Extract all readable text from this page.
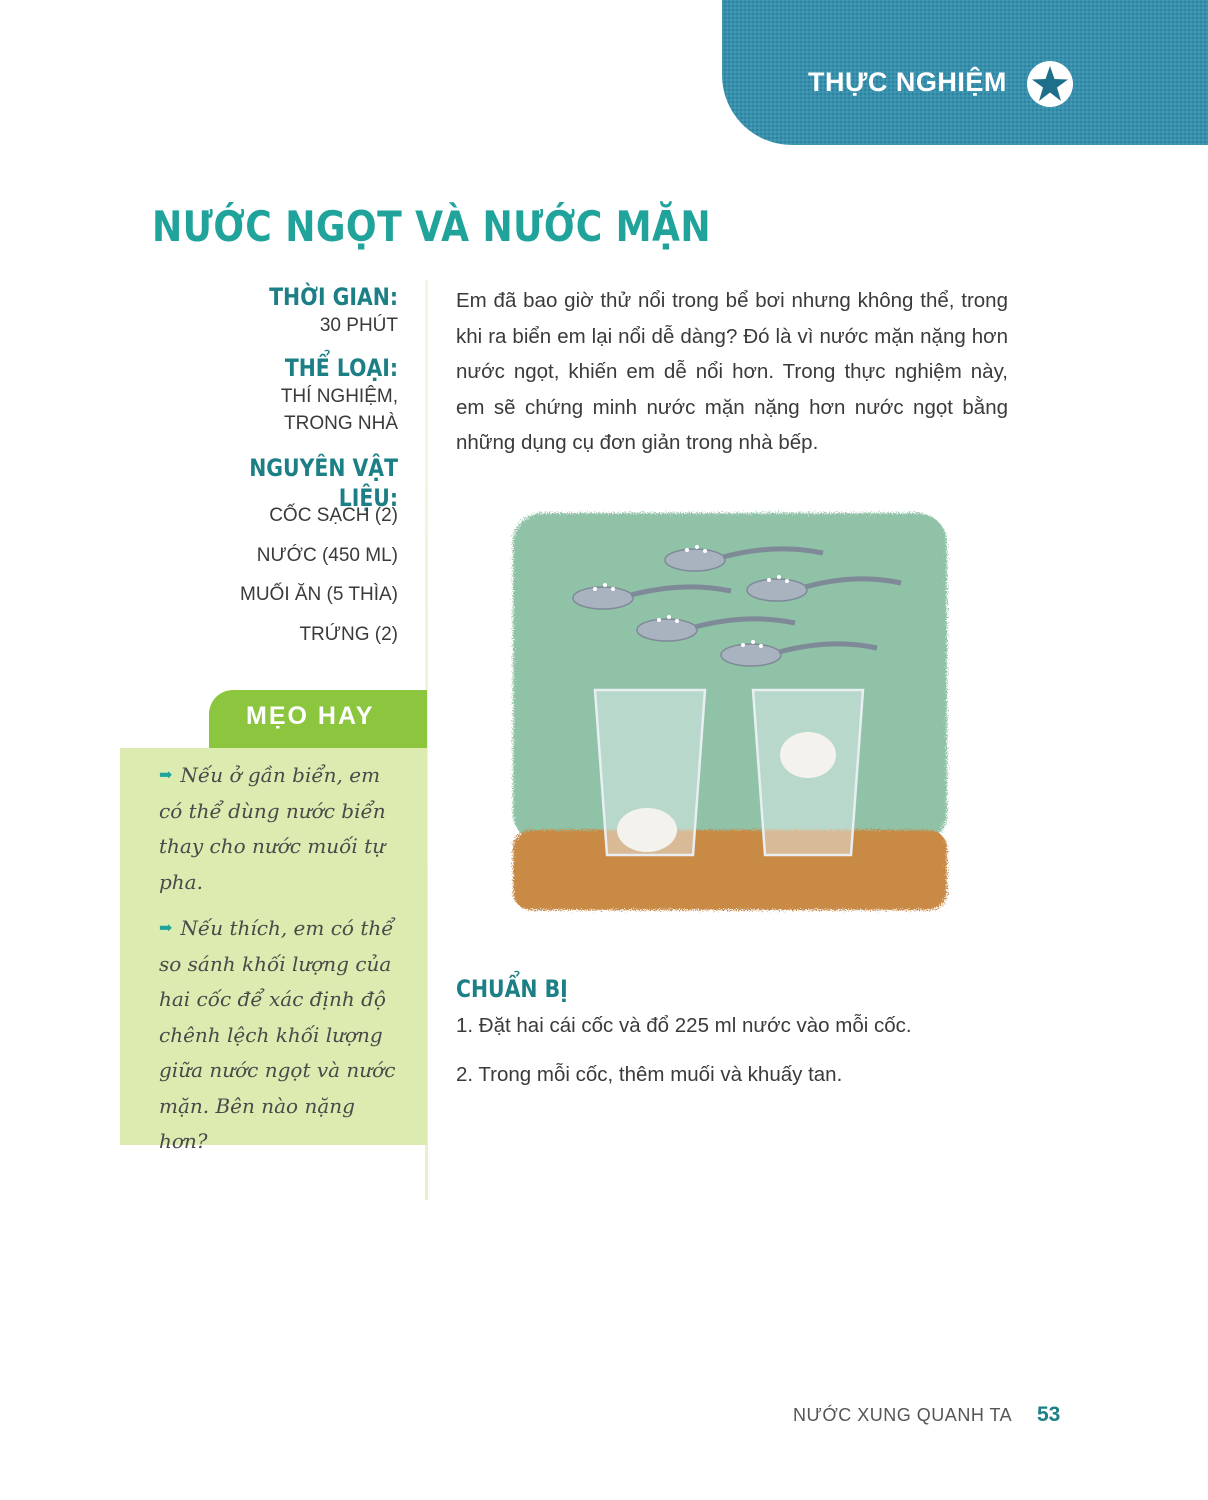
THỰC NGHIỆM
NƯỚC NGỌT VÀ NƯỚC MẶN
THỜI GIAN:
30 PHÚT
THỂ LOẠI:
THÍ NGHIỆM,
TRONG NHÀ
NGUYÊN VẬT LIỆU:
CỐC SẠCH (2)
NƯỚC (450 ML)
MUỐI ĂN (5 THÌA)
TRỨNG (2)
MẸO HAY
➡ Nếu ở gần biển, em có thể dùng nước biển thay cho nước muối tự pha.
➡ Nếu thích, em có thể so sánh khối lượng của hai cốc để xác định độ chênh lệch khối lượng giữa nước ngọt và nước mặn. Bên nào nặng hơn?
Em đã bao giờ thử nổi trong bể bơi nhưng không thể, trong khi ra biển em lại nổi dễ dàng? Đó là vì nước mặn nặng hơn nước ngọt, khiến em dễ nổi hơn. Trong thực nghiệm này, em sẽ chứng minh nước mặn nặng hơn nước ngọt bằng những dụng cụ đơn giản trong nhà bếp.
CHUẨN BỊ
1. Đặt hai cái cốc và đổ 225 ml nước vào mỗi cốc.
2. Trong mỗi cốc, thêm muối và khuấy tan.
NƯỚC XUNG QUANH TA 53
